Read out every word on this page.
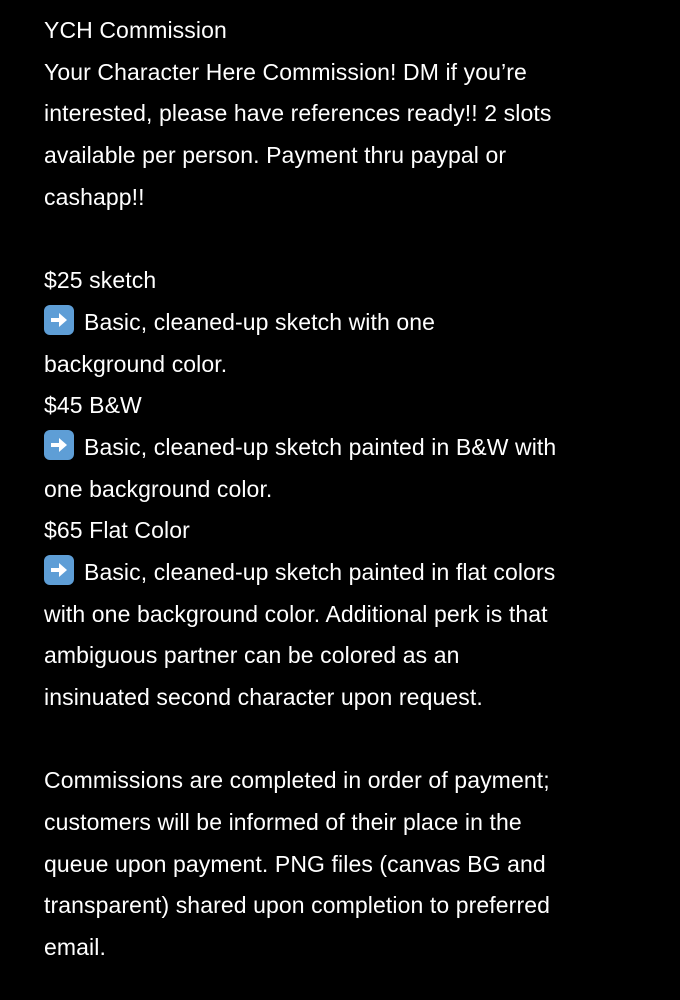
YCH Commission
Your Character Here Commission! DM if you’re
interested, please have references ready!! 2 slots
available per person. Payment thru paypal or
cashapp!!
$25 sketch
Basic, cleaned-up sketch with one
background color.
$45 B&W
Basic, cleaned-up sketch painted in B&W with
one background color.
$65 Flat Color
Basic, cleaned-up sketch painted in flat colors
with one background color. Additional perk is that
ambiguous partner can be colored as an
insinuated second character upon request.
Commissions are completed in order of payment;
customers will be informed of their place in the
queue upon payment. PNG files (canvas BG and
transparent) shared upon completion to preferred
email.
